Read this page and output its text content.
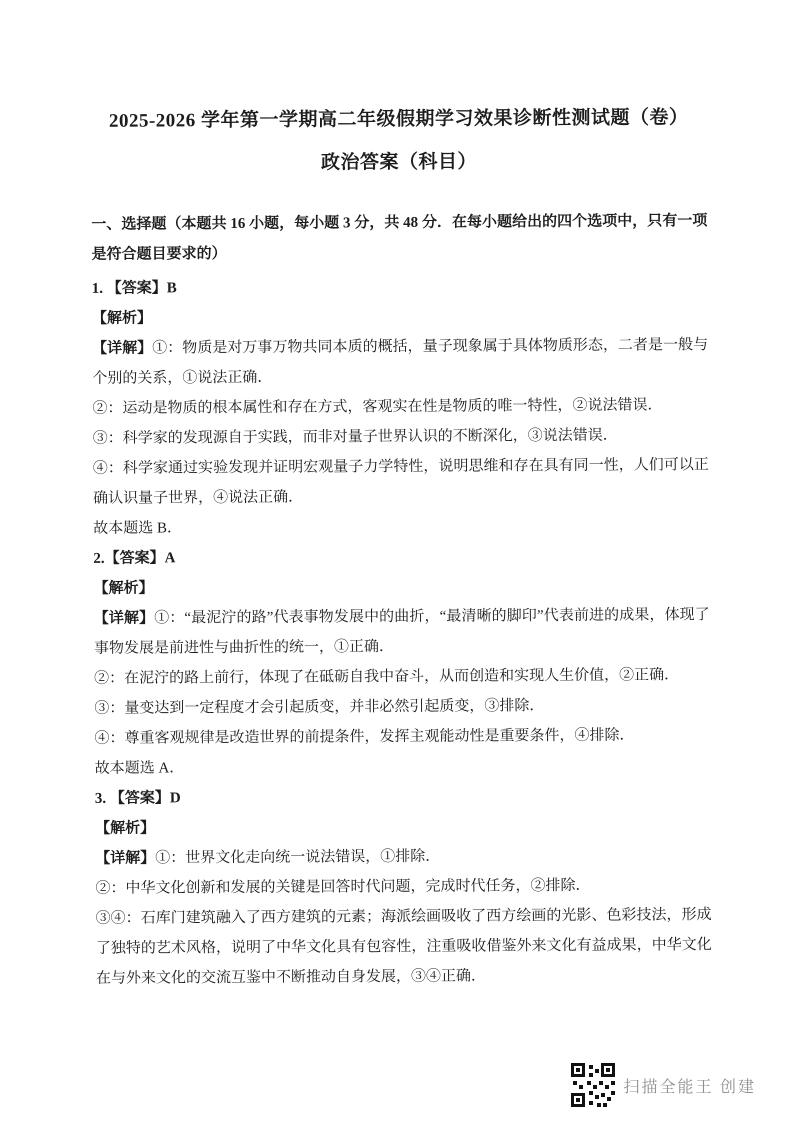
2025-2026 学年第一学期高二年级假期学习效果诊断性测试题（卷）
政治答案（科目）

一、选择题（本题共 16 小题，每小题 3 分，共 48 分．在每小题给出的四个选项中，只有一项是符合题目要求的）

1. 【答案】B

【解析】

【详解】①：物质是对万事万物共同本质的概括，量子现象属于具体物质形态，二者是一般与个别的关系，①说法正确．

②：运动是物质的根本属性和存在方式，客观实在性是物质的唯一特性，②说法错误．

③：科学家的发现源自于实践，而非对量子世界认识的不断深化，③说法错误．

④：科学家通过实验发现并证明宏观量子力学特性，说明思维和存在具有同一性，人们可以正确认识量子世界，④说法正确．

故本题选 B．

2.【答案】A

【解析】

【详解】①：“最泥泞的路”代表事物发展中的曲折，“最清晰的脚印”代表前进的成果，体现了事物发展是前进性与曲折性的统一，①正确．

②：在泥泞的路上前行，体现了在砥砺自我中奋斗，从而创造和实现人生价值，②正确．

③：量变达到一定程度才会引起质变，并非必然引起质变，③排除．

④：尊重客观规律是改造世界的前提条件，发挥主观能动性是重要条件，④排除．

故本题选 A．

3. 【答案】D

【解析】

【详解】①：世界文化走向统一说法错误，①排除．

②：中华文化创新和发展的关键是回答时代问题，完成时代任务，②排除．

③④：石库门建筑融入了西方建筑的元素；海派绘画吸收了西方绘画的光影、色彩技法，形成了独特的艺术风格，说明了中华文化具有包容性，注重吸收借鉴外来文化有益成果，中华文化在与外来文化的交流互鉴中不断推动自身发展，③④正确．

扫描全能王 创建
